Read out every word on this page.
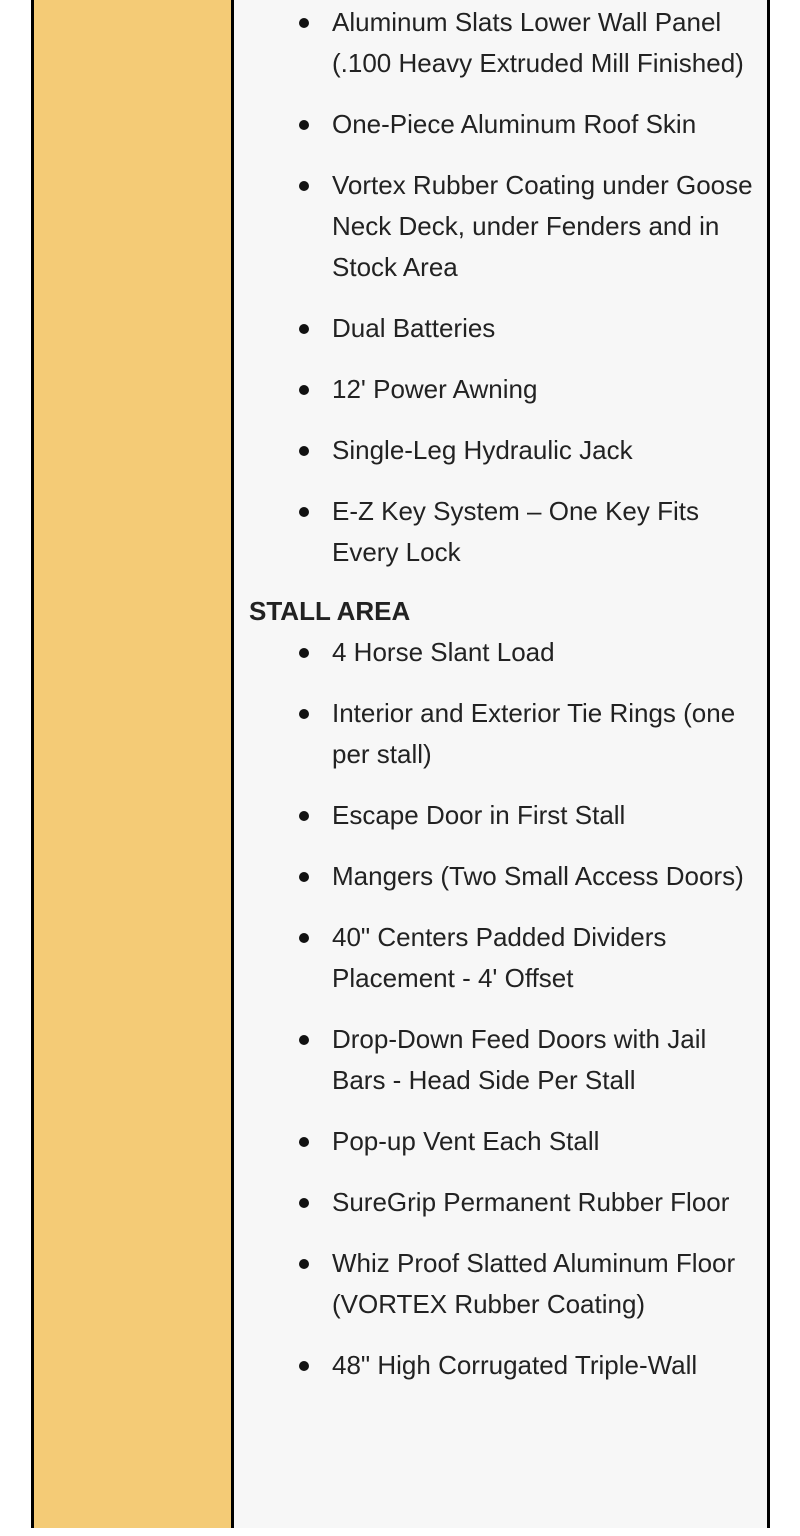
Aluminum Slats Lower Wall Panel (.100 Heavy Extruded Mill Finished)
One-Piece Aluminum Roof Skin
Vortex Rubber Coating under Goose Neck Deck, under Fenders and in Stock Area
Dual Batteries
12' Power Awning
Single-Leg Hydraulic Jack
E-Z Key System – One Key Fits Every Lock
STALL AREA
4 Horse Slant Load
Interior and Exterior Tie Rings (one per stall)
Escape Door in First Stall
Mangers (Two Small Access Doors)
40" Centers Padded Dividers Placement - 4' Offset
Drop-Down Feed Doors with Jail Bars - Head Side Per Stall
Pop-up Vent Each Stall
SureGrip Permanent Rubber Floor
Whiz Proof Slatted Aluminum Floor (VORTEX Rubber Coating)
48" High Corrugated Triple-Wall
